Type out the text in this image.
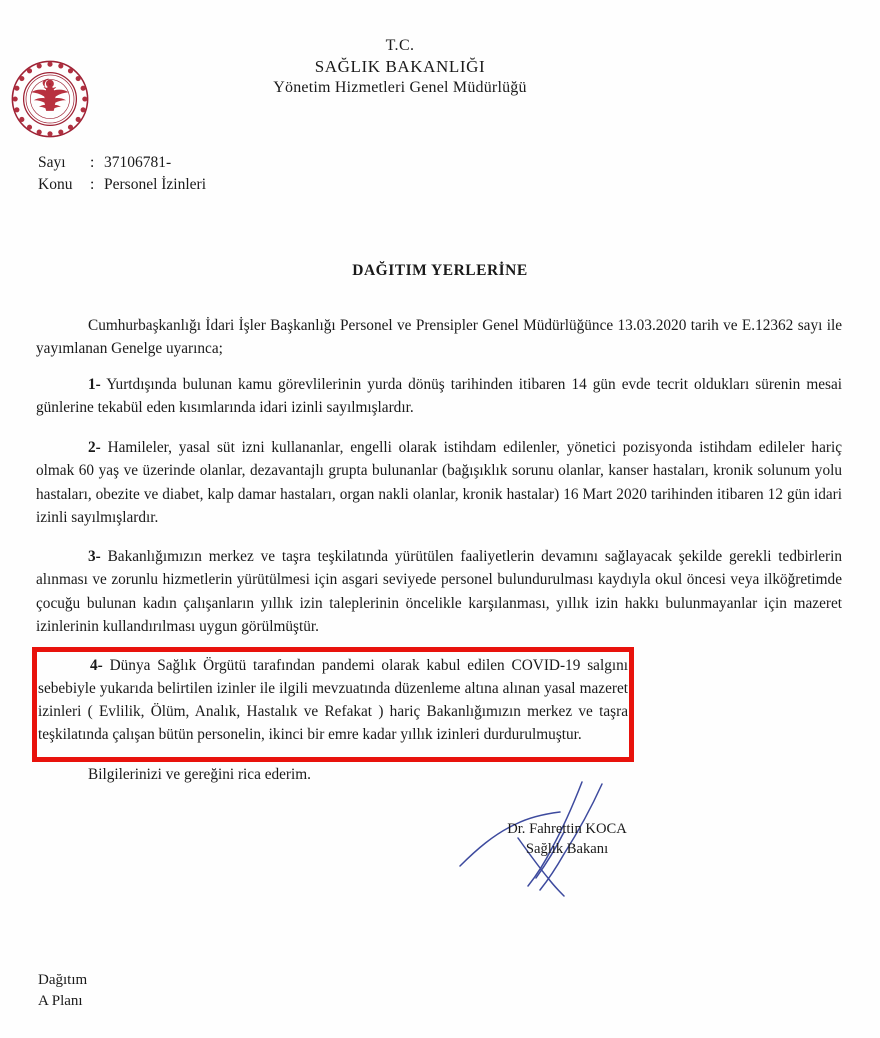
★
T.C.
SAĞLIK BAKANLIĞI
Yönetim Hizmetleri Genel Müdürlüğü
Sayı	: 37106781-
Konu	: Personel İzinleri
DAĞITIM YERLERİNE

Cumhurbaşkanlığı İdari İşler Başkanlığı Personel ve Prensipler Genel Müdürlüğünce 13.03.2020 tarih ve E.12362 sayı ile yayımlanan Genelge uyarınca;

1- Yurtdışında bulunan kamu görevlilerinin yurda dönüş tarihinden itibaren 14 gün evde tecrit oldukları sürenin mesai günlerine tekabül eden kısımlarında idari izinli sayılmışlardır.

2- Hamileler, yasal süt izni kullananlar, engelli olarak istihdam edilenler, yönetici pozisyonda istihdam edileler hariç olmak 60 yaş ve üzerinde olanlar, dezavantajlı grupta bulunanlar (bağışıklık sorunu olanlar, kanser hastaları, kronik solunum yolu hastaları, obezite ve diabet, kalp damar hastaları, organ nakli olanlar, kronik hastalar) 16 Mart 2020 tarihinden itibaren 12 gün idari izinli sayılmışlardır.

3- Bakanlığımızın merkez ve taşra teşkilatında yürütülen faaliyetlerin devamını sağlayacak şekilde gerekli tedbirlerin alınması ve zorunlu hizmetlerin yürütülmesi için asgari seviyede personel bulundurulması kaydıyla okul öncesi veya ilköğretimde çocuğu bulunan kadın çalışanların yıllık izin taleplerinin öncelikle karşılanması, yıllık izin hakkı bulunmayanlar için mazeret izinlerinin kullandırılması uygun görülmüştür.

4- Dünya Sağlık Örgütü tarafından pandemi olarak kabul edilen COVID-19 salgını sebebiyle yukarıda belirtilen izinler ile ilgili mevzuatında düzenleme altına alınan yasal mazeret izinleri ( Evlilik, Ölüm, Analık, Hastalık ve Refakat ) hariç Bakanlığımızın merkez ve taşra teşkilatında çalışan bütün personelin, ikinci bir emre kadar yıllık izinleri durdurulmuştur.

Bilgilerinizi ve gereğini rica ederim.
Dr. Fahrettin KOCA
Sağlık Bakanı
Dağıtım
A Planı
